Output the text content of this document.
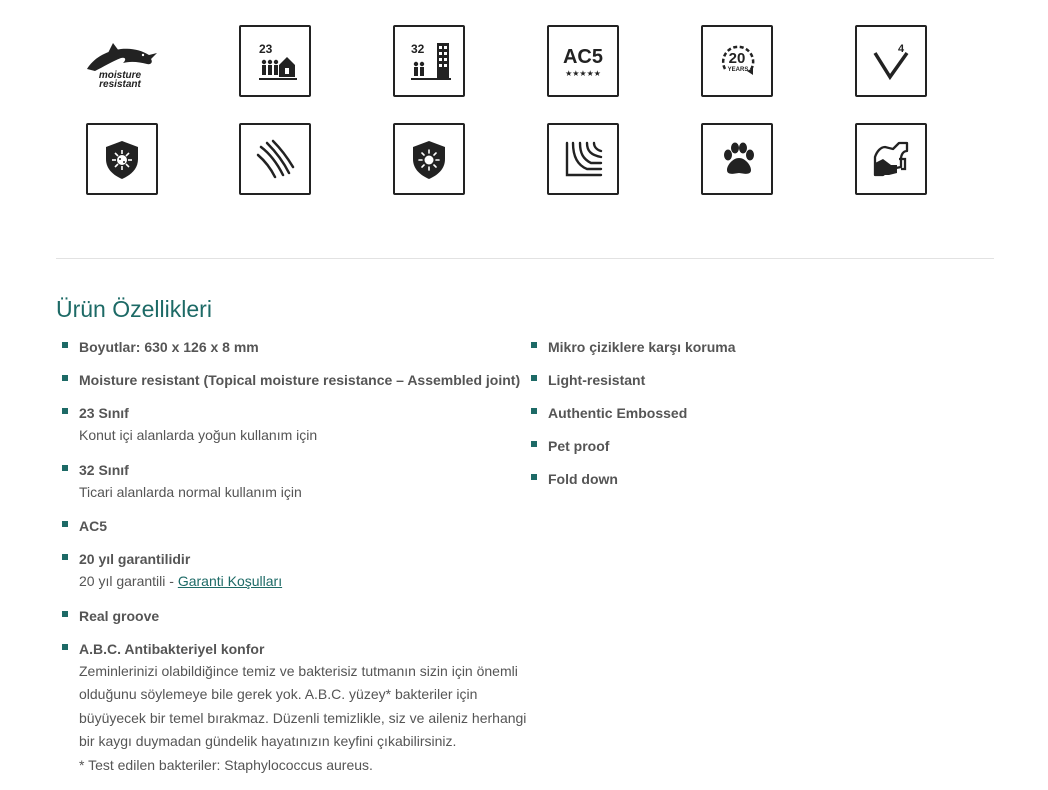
moisture
resistant
23	32	AC5
★★★★★
20
YEARS
4
Ürün Özellikleri
Boyutlar: 630 x 126 x 8 mm
Moisture resistant (Topical moisture resistance – Assembled joint)
23 Sınıf
Konut içi alanlarda yoğun kullanım için
32 Sınıf
Ticari alanlarda normal kullanım için
AC5
20 yıl garantilidir
20 yıl garantili - Garanti Koşulları
Real groove
A.B.C. Antibakteriyel konfor
Zeminlerinizi olabildiğince temiz ve bakterisiz tutmanın sizin için önemli olduğunu söylemeye bile gerek yok. A.B.C. yüzey* bakteriler için büyüyecek bir temel bırakmaz. Düzenli temizlikle, siz ve aileniz herhangi bir kaygı duymadan gündelik hayatınızın keyfini çıkabilirsiniz.
* Test edilen bakteriler: Staphylococcus aureus.
Mikro çiziklere karşı koruma
Light-resistant
Authentic Embossed
Pet proof
Fold down
